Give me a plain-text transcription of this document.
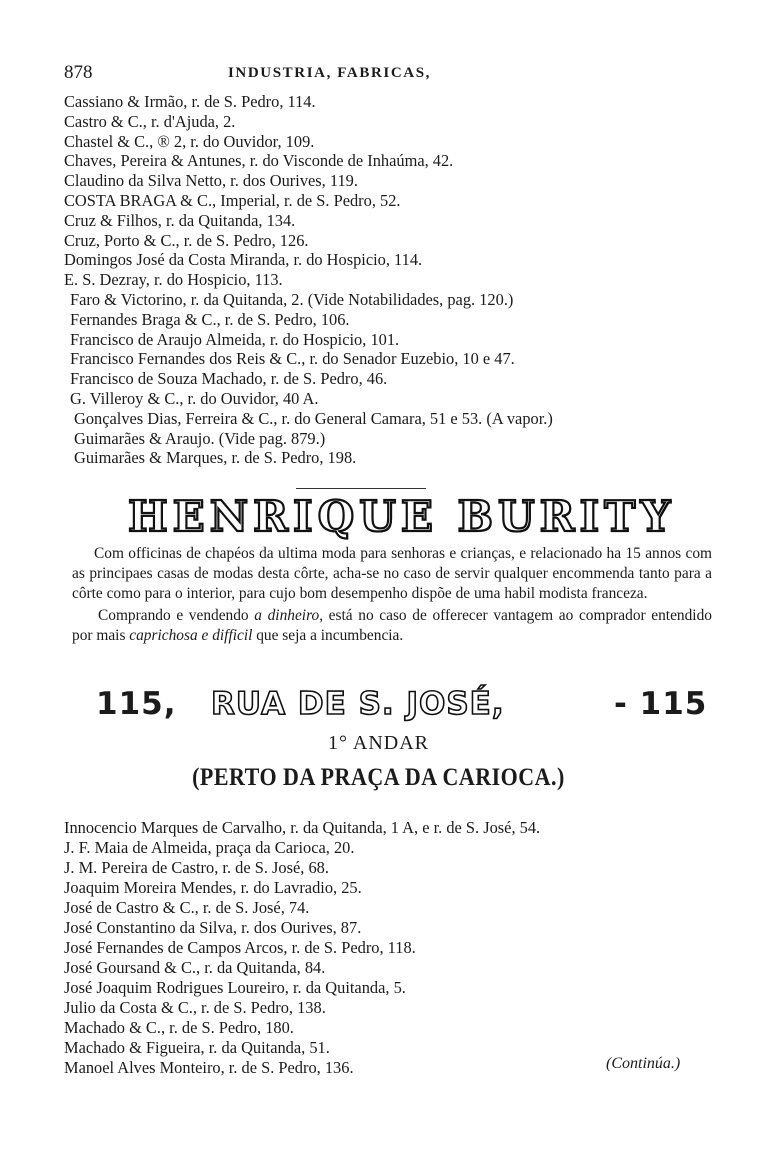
878	INDUSTRIA, FABRICAS,
Cassiano & Irmão, r. de S. Pedro, 114.
Castro & C., r. d'Ajuda, 2.
Chastel & C., ® 2, r. do Ouvidor, 109.
Chaves, Pereira & Antunes, r. do Visconde de Inhaúma, 42.
Claudino da Silva Netto, r. dos Ourives, 119.
COSTA BRAGA & C., Imperial, r. de S. Pedro, 52.
Cruz & Filhos, r. da Quitanda, 134.
Cruz, Porto & C., r. de S. Pedro, 126.
Domingos José da Costa Miranda, r. do Hospicio, 114.
E. S. Dezray, r. do Hospicio, 113.
Faro & Victorino, r. da Quitanda, 2. (Vide Notabilidades, pag. 120.)
Fernandes Braga & C., r. de S. Pedro, 106.
Francisco de Araujo Almeida, r. do Hospicio, 101.
Francisco Fernandes dos Reis & C., r. do Senador Euzebio, 10 e 47.
Francisco de Souza Machado, r. de S. Pedro, 46.
G. Villeroy & C., r. do Ouvidor, 40 A.
Gonçalves Dias, Ferreira & C., r. do General Camara, 51 e 53. (A vapor.)
Guimarães & Araujo. (Vide pag. 879.)
Guimarães & Marques, r. de S. Pedro, 198.
HENRIQUE BURITY

Com officinas de chapéos da ultima moda para senhoras e crianças, e relacionado ha 15 annos com as principaes casas de modas desta côrte, acha-se no caso de servir qualquer encommenda tanto para a côrte como para o interior, para cujo bom desempenho dispõe de uma habil modista franceza.

Comprando e vendendo a dinheiro, está no caso de offerecer vantagem ao comprador entendido por mais caprichosa e difficil que seja a incumbencia.

115, RUA DE S. JOSÉ,	- 115
1° ANDAR
(PERTO DA PRAÇA DA CARIOCA.)
Innocencio Marques de Carvalho, r. da Quitanda, 1 A, e r. de S. José, 54.
J. F. Maia de Almeida, praça da Carioca, 20.
J. M. Pereira de Castro, r. de S. José, 68.
Joaquim Moreira Mendes, r. do Lavradio, 25.
José de Castro & C., r. de S. José, 74.
José Constantino da Silva, r. dos Ourives, 87.
José Fernandes de Campos Arcos, r. de S. Pedro, 118.
José Goursand & C., r. da Quitanda, 84.
José Joaquim Rodrigues Loureiro, r. da Quitanda, 5.
Julio da Costa & C., r. de S. Pedro, 138.
Machado & C., r. de S. Pedro, 180.
Machado & Figueira, r. da Quitanda, 51.
Manoel Alves Monteiro, r. de S. Pedro, 136.	(Continúa.)
